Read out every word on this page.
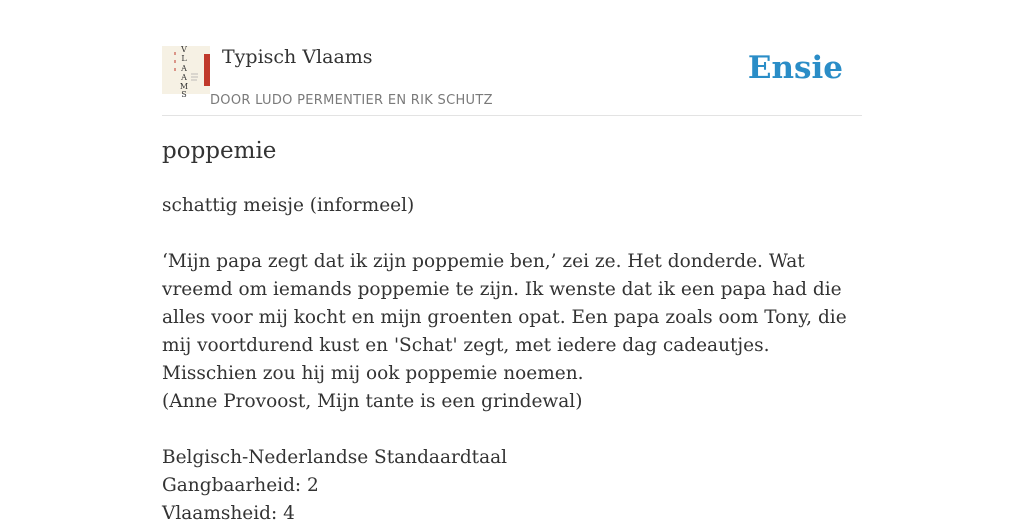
V
L
A
A
M
S
Typisch Vlaams
DOOR LUDO PERMENTIER EN RIK SCHUTZ
Ensie
poppemie
schattig meisje (informeel)
‘Mijn papa zegt dat ik zijn poppemie ben,’ zei ze. Het donderde. Wat vreemd om iemands poppemie te zijn. Ik wenste dat ik een papa had die alles voor mij kocht en mijn groenten opat. Een papa zoals oom Tony, die mij voortdurend kust en 'Schat' zegt, met iedere dag cadeautjes. Misschien zou hij mij ook poppemie noemen.
(Anne Provoost, Mijn tante is een grindewal)
Belgisch-Nederlandse Standaardtaal
Gangbaarheid: 2
Vlaamsheid: 4
